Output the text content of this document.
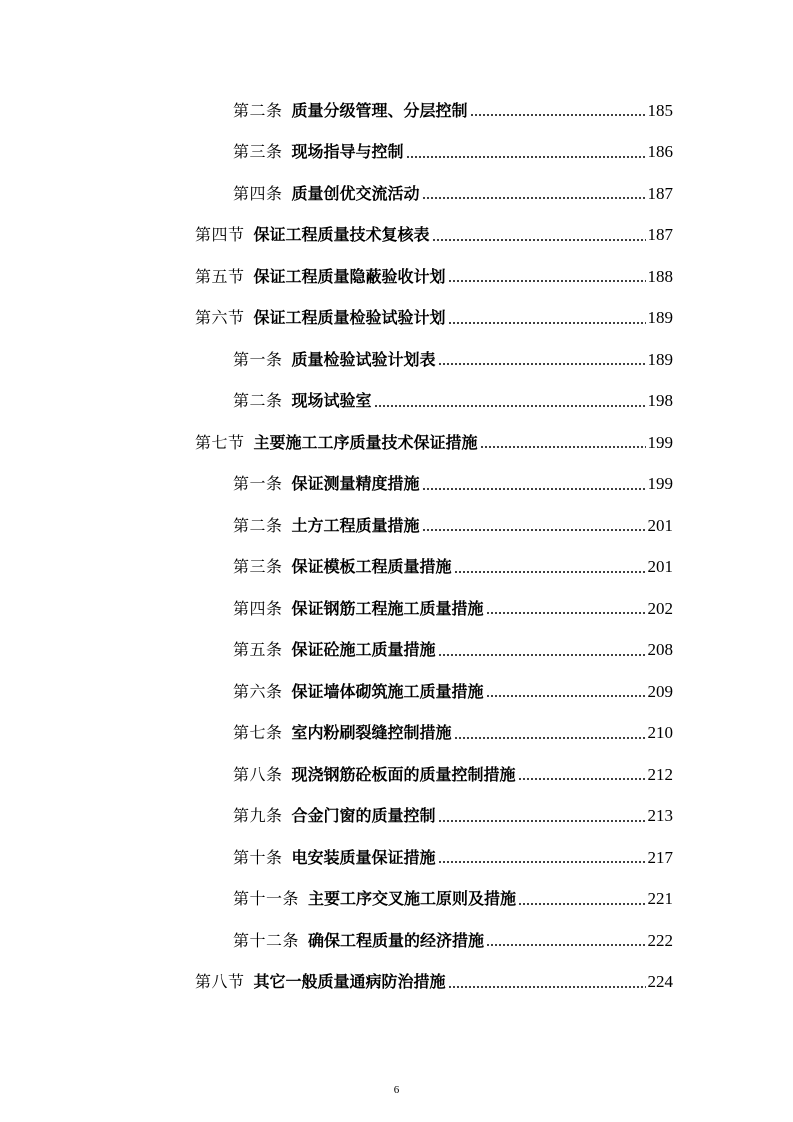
第二条 质量分级管理、分层控制	185
第三条 现场指导与控制	186
第四条 质量创优交流活动	187
第四节 保证工程质量技术复核表	187
第五节 保证工程质量隐蔽验收计划	188
第六节 保证工程质量检验试验计划	189
第一条 质量检验试验计划表	189
第二条 现场试验室	198
第七节 主要施工工序质量技术保证措施	199
第一条 保证测量精度措施	199
第二条 土方工程质量措施	201
第三条 保证模板工程质量措施	201
第四条 保证钢筋工程施工质量措施	202
第五条 保证砼施工质量措施	208
第六条 保证墙体砌筑施工质量措施	209
第七条 室内粉刷裂缝控制措施	210
第八条 现浇钢筋砼板面的质量控制措施	212
第九条 合金门窗的质量控制	213
第十条 电安装质量保证措施	217
第十一条 主要工序交叉施工原则及措施	221
第十二条 确保工程质量的经济措施	222
第八节 其它一般质量通病防治措施	224
6
